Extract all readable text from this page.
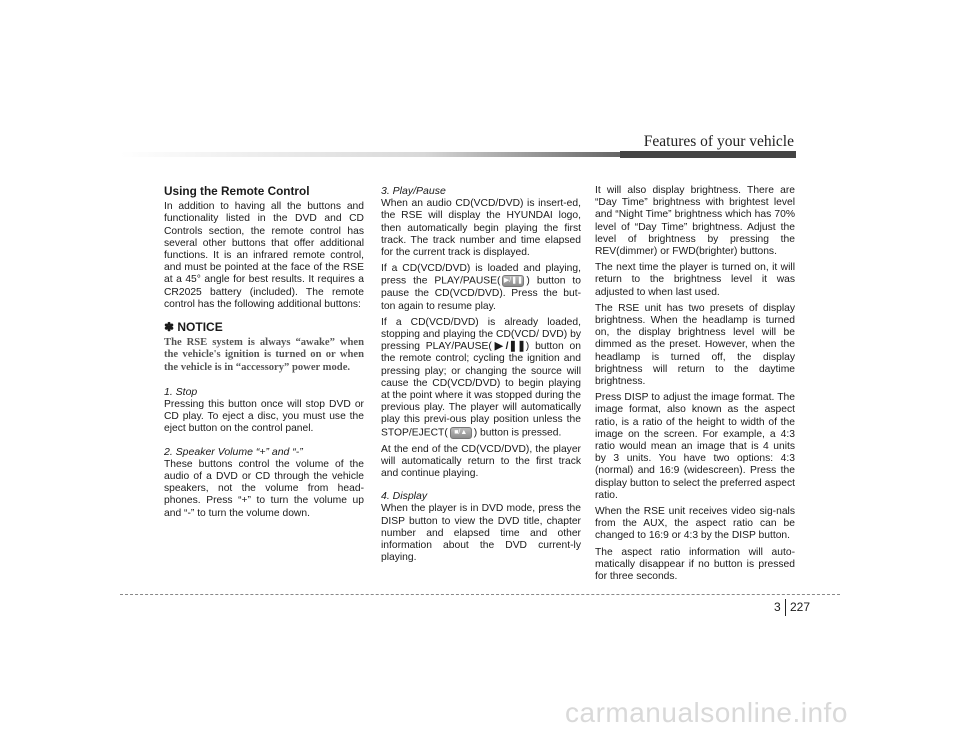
Features of your vehicle
Using the Remote Control

In addition to having all the buttons and functionality listed in the DVD and CD Controls section, the remote control has several other buttons that offer additional functions. It is an infrared remote control, and must be pointed at the face of the RSE at a 45° angle for best results. It requires a CR2025 battery (included). The remote control has the following additional buttons:

✽ NOTICE
The RSE system is always “awake” when the vehicle's ignition is turned on or when the vehicle is in “accessory” power mode.
1. Stop

Pressing this button once will stop DVD or CD play. To eject a disc, you must use the eject button on the control panel.

2. Speaker Volume “+” and “-”

These buttons control the volume of the audio of a DVD or CD through the vehicle speakers, not the volume from head-phones. Press “+” to turn the volume up and “-” to turn the volume down.

3. Play/Pause

When an audio CD(VCD/DVD) is insert-ed, the RSE will display the HYUNDAI logo, then automatically begin playing the first track. The track number and time elapsed for the current track is displayed.

If a CD(VCD/DVD) is loaded and playing, press the PLAY/PAUSE( ▶/❚❚ ) button to pause the CD(VCD/DVD). Press the but-ton again to resume play.

If a CD(VCD/DVD) is already loaded, stopping and playing the CD(VCD/ DVD) by pressing PLAY/PAUSE(▶/❚❚) button on the remote control; cycling the ignition and pressing play; or changing the source will cause the CD(VCD/DVD) to begin playing at the point where it was stopped during the previous play. The player will automatically play this previ-ous play position unless the STOP/EJECT( ■/▲ ) button is pressed.

At the end of the CD(VCD/DVD), the player will automatically return to the first track and continue playing.

4. Display

When the player is in DVD mode, press the DISP button to view the DVD title, chapter number and elapsed time and other information about the DVD current-ly playing.

It will also display brightness. There are “Day Time” brightness with brightest level and “Night Time” brightness which has 70% level of “Day Time” brightness. Adjust the level of brightness by pressing the REV(dimmer) or FWD(brighter) buttons.

The next time the player is turned on, it will return to the brightness level it was adjusted to when last used.

The RSE unit has two presets of display brightness. When the headlamp is turned on, the display brightness level will be dimmed as the preset. However, when the headlamp is turned off, the display brightness will return to the daytime brightness.

Press DISP to adjust the image format. The image format, also known as the aspect ratio, is a ratio of the height to width of the image on the screen. For example, a 4:3 ratio would mean an image that is 4 units by 3 units. You have two options: 4:3 (normal) and 16:9 (widescreen). Press the display button to select the preferred aspect ratio.

When the RSE unit receives video sig-nals from the AUX, the aspect ratio can be changed to 16:9 or 4:3 by the DISP button.

The aspect ratio information will auto-matically disappear if no button is pressed for three seconds.

3 227
carmanualsonline.info
